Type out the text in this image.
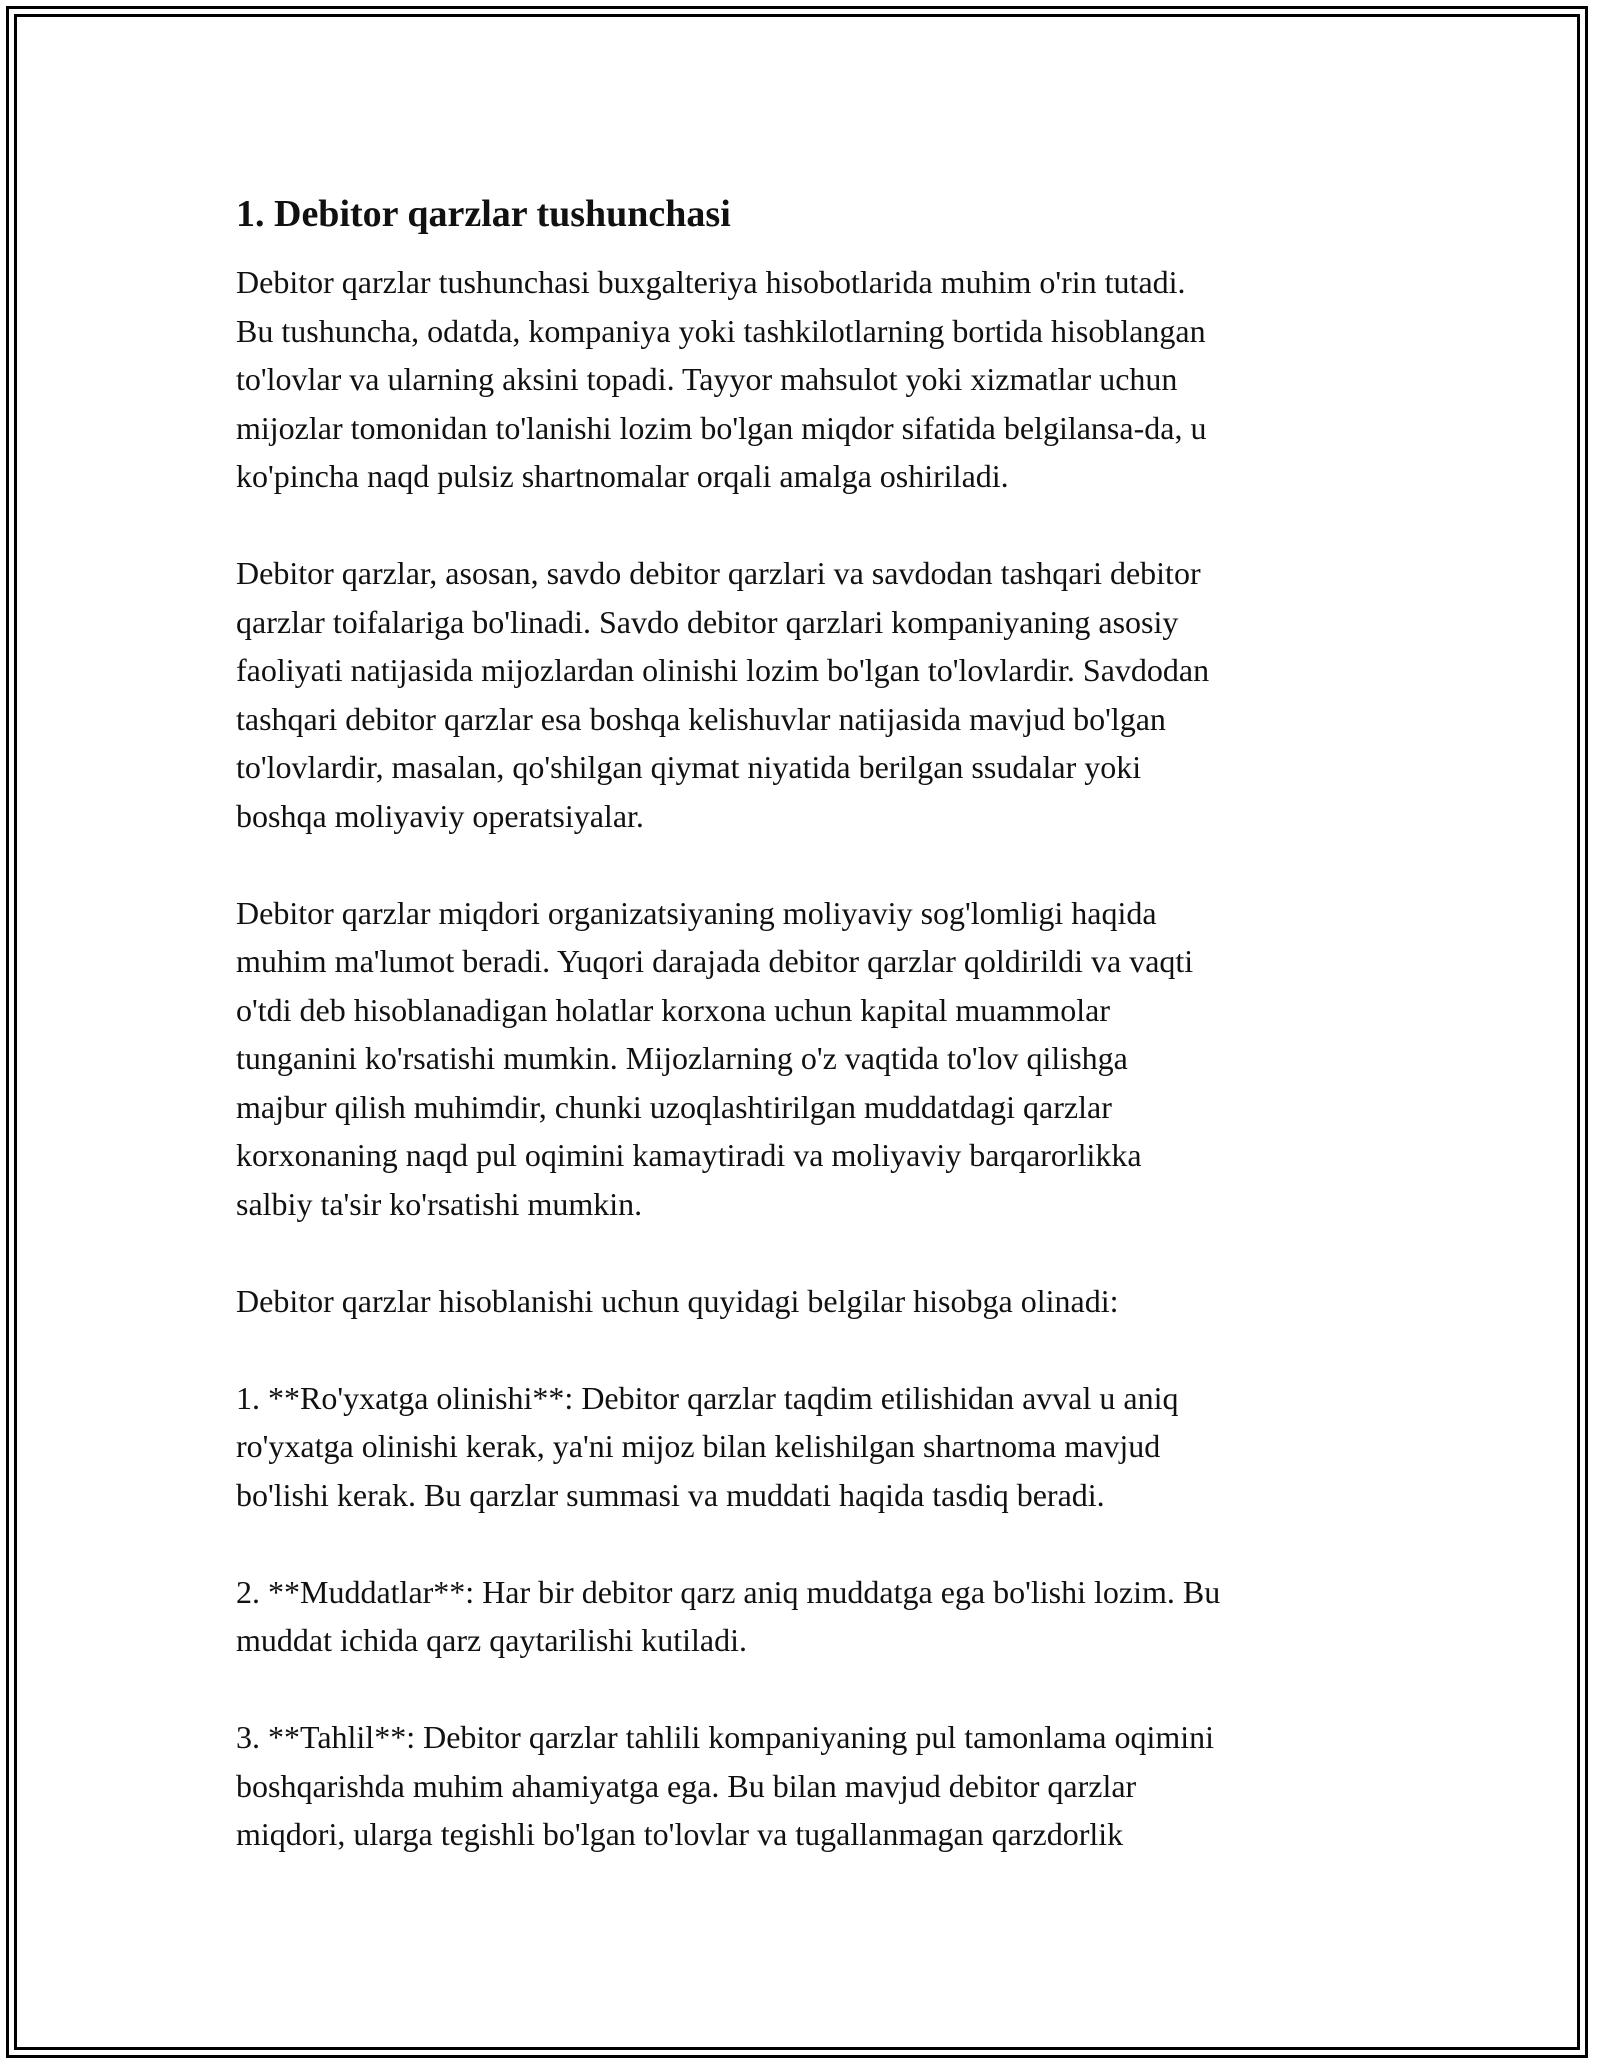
1. Debitor qarzlar tushunchasi

Debitor qarzlar tushunchasi buxgalteriya hisobotlarida muhim o'rin tutadi.
Bu tushuncha, odatda, kompaniya yoki tashkilotlarning bortida hisoblangan
to'lovlar va ularning aksini topadi. Tayyor mahsulot yoki xizmatlar uchun
mijozlar tomonidan to'lanishi lozim bo'lgan miqdor sifatida belgilansa-da, u
ko'pincha naqd pulsiz shartnomalar orqali amalga oshiriladi.

Debitor qarzlar, asosan, savdo debitor qarzlari va savdodan tashqari debitor
qarzlar toifalariga bo'linadi. Savdo debitor qarzlari kompaniyaning asosiy
faoliyati natijasida mijozlardan olinishi lozim bo'lgan to'lovlardir. Savdodan
tashqari debitor qarzlar esa boshqa kelishuvlar natijasida mavjud bo'lgan
to'lovlardir, masalan, qo'shilgan qiymat niyatida berilgan ssudalar yoki
boshqa moliyaviy operatsiyalar.

Debitor qarzlar miqdori organizatsiyaning moliyaviy sog'lomligi haqida
muhim ma'lumot beradi. Yuqori darajada debitor qarzlar qoldirildi va vaqti
o'tdi deb hisoblanadigan holatlar korxona uchun kapital muammolar
tunganini ko'rsatishi mumkin. Mijozlarning o'z vaqtida to'lov qilishga
majbur qilish muhimdir, chunki uzoqlashtirilgan muddatdagi qarzlar
korxonaning naqd pul oqimini kamaytiradi va moliyaviy barqarorlikka
salbiy ta'sir ko'rsatishi mumkin.

Debitor qarzlar hisoblanishi uchun quyidagi belgilar hisobga olinadi:

1. **Ro'yxatga olinishi**: Debitor qarzlar taqdim etilishidan avval u aniq
ro'yxatga olinishi kerak, ya'ni mijoz bilan kelishilgan shartnoma mavjud
bo'lishi kerak. Bu qarzlar summasi va muddati haqida tasdiq beradi.

2. **Muddatlar**: Har bir debitor qarz aniq muddatga ega bo'lishi lozim. Bu
muddat ichida qarz qaytarilishi kutiladi.

3. **Tahlil**: Debitor qarzlar tahlili kompaniyaning pul tamonlama oqimini
boshqarishda muhim ahamiyatga ega. Bu bilan mavjud debitor qarzlar
miqdori, ularga tegishli bo'lgan to'lovlar va tugallanmagan qarzdorlik
